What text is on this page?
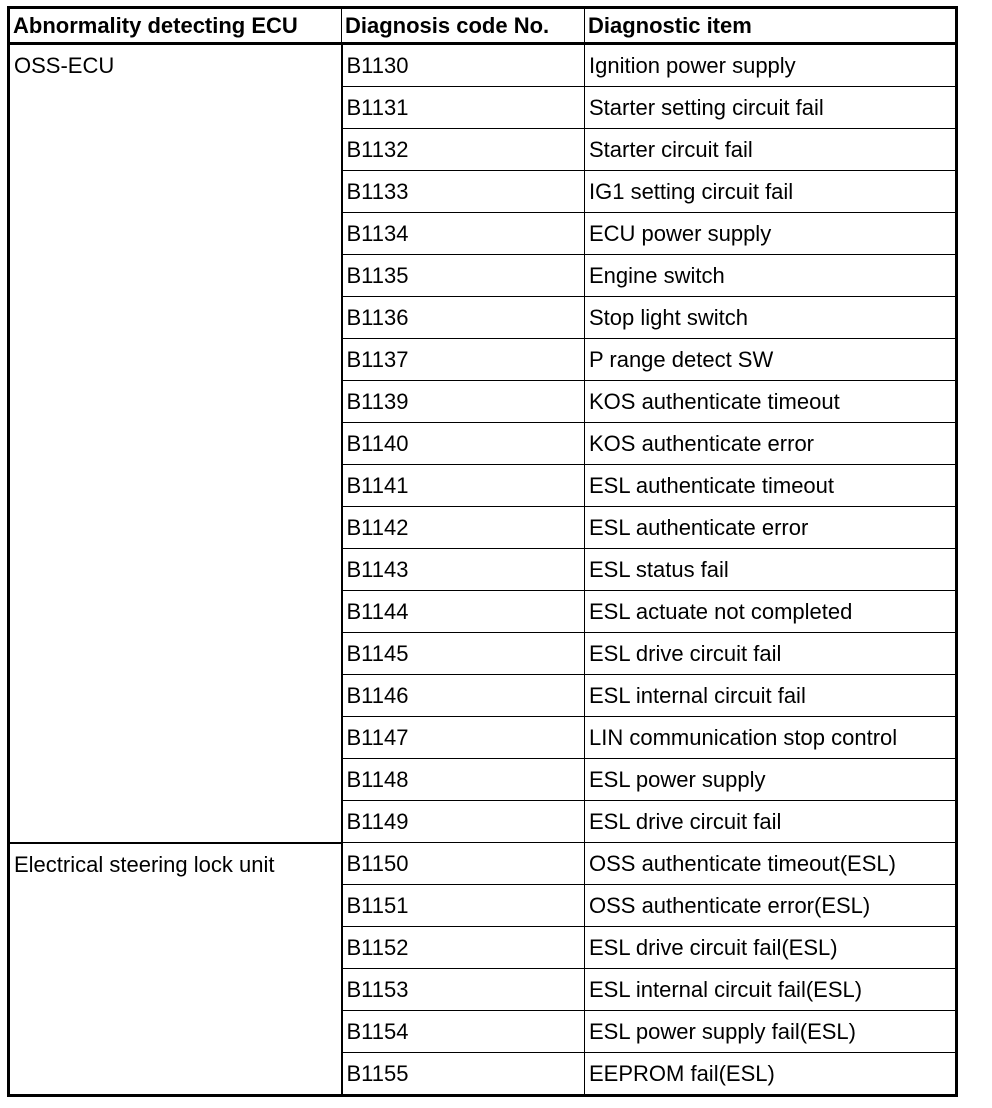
Abnormality detecting ECU	Diagnosis code No.	Diagnostic item
OSS-ECU	B1130	Ignition power supply
	B1131	Starter setting circuit fail
	B1132	Starter circuit fail
	B1133	IG1 setting circuit fail
	B1134	ECU power supply
	B1135	Engine switch
	B1136	Stop light switch
	B1137	P range detect SW
	B1139	KOS authenticate timeout
	B1140	KOS authenticate error
	B1141	ESL authenticate timeout
	B1142	ESL authenticate error
	B1143	ESL status fail
	B1144	ESL actuate not completed
	B1145	ESL drive circuit fail
	B1146	ESL internal circuit fail
	B1147	LIN communication stop control
	B1148	ESL power supply
	B1149	ESL drive circuit fail
Electrical steering lock unit	B1150	OSS authenticate timeout(ESL)
	B1151	OSS authenticate error(ESL)
	B1152	ESL drive circuit fail(ESL)
	B1153	ESL internal circuit fail(ESL)
	B1154	ESL power supply fail(ESL)
	B1155	EEPROM fail(ESL)
